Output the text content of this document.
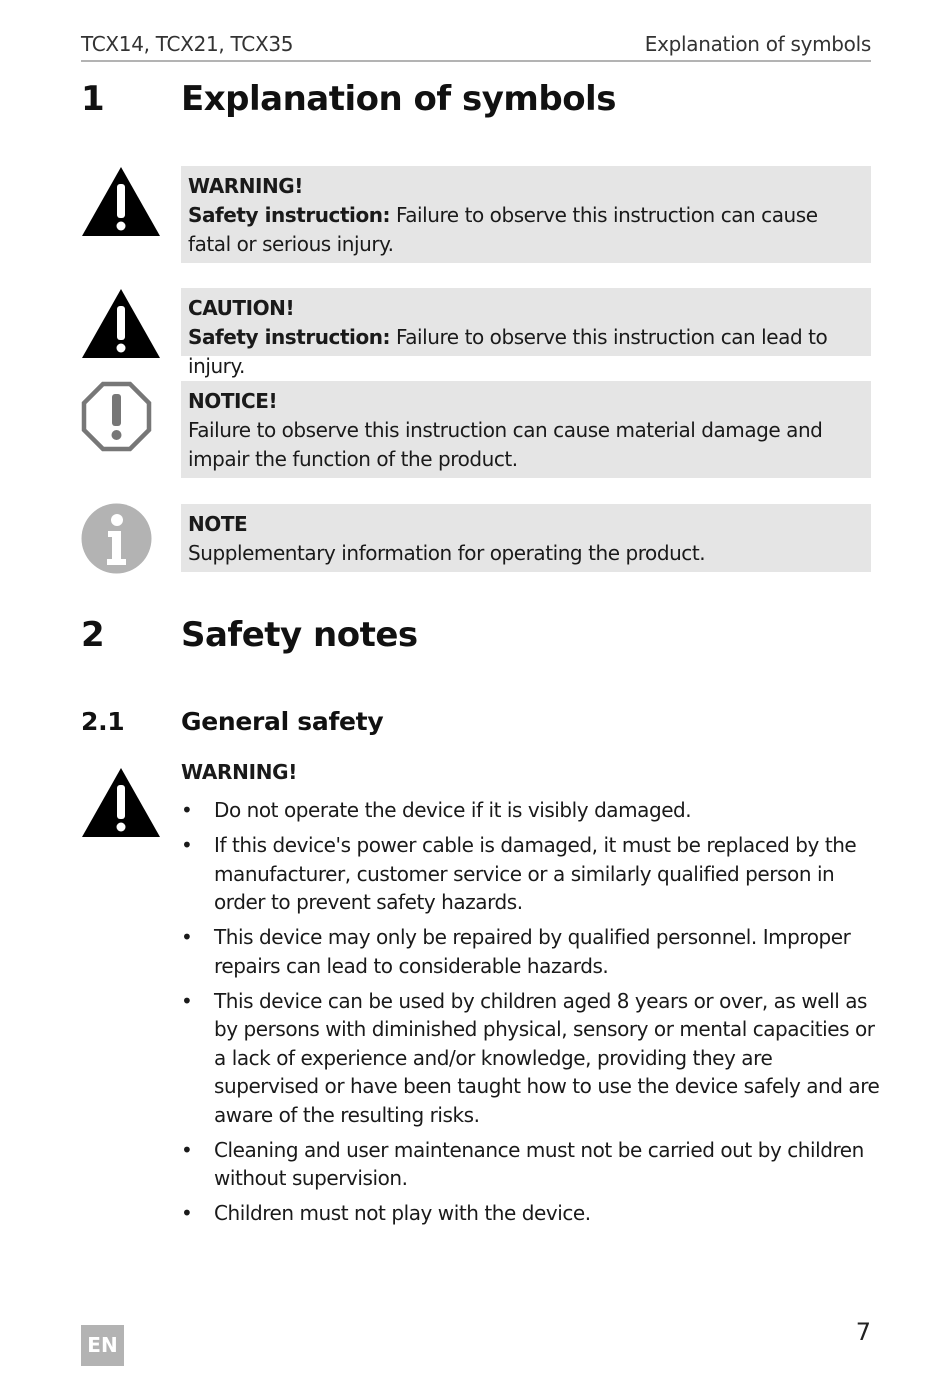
TCX14, TCX21, TCX35	Explanation of symbols
1 Explanation of symbols
WARNING!
Safety instruction: Failure to observe this instruction can cause fatal or serious injury.
CAUTION!
Safety instruction: Failure to observe this instruction can lead to injury.
NOTICE!
Failure to observe this instruction can cause material damage and impair the function of the product.
NOTE
Supplementary information for operating the product.
2 Safety notes
2.1 General safety
WARNING!
• Do not operate the device if it is visibly damaged.
• If this device's power cable is damaged, it must be replaced by the manufacturer, customer service or a similarly qualified person in order to prevent safety hazards.
• This device may only be repaired by qualified personnel. Improper repairs can lead to considerable hazards.
• This device can be used by children aged 8 years or over, as well as by persons with diminished physical, sensory or mental capacities or a lack of experience and/or knowledge, providing they are supervised or have been taught how to use the device safely and are aware of the resulting risks.
• Cleaning and user maintenance must not be carried out by children without supervision.
• Children must not play with the device.
EN	7
